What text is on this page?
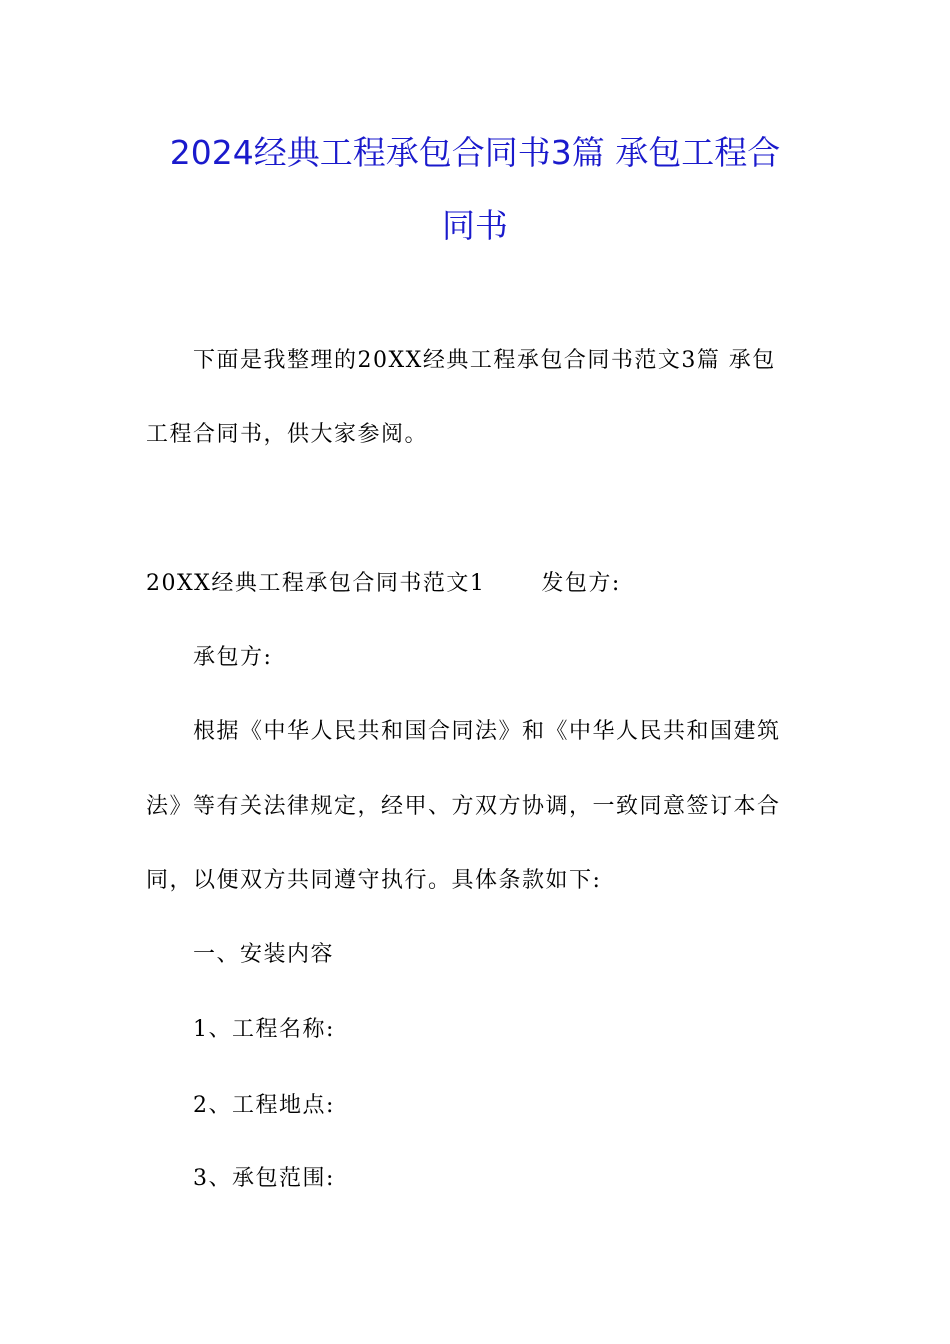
2024经典工程承包合同书3篇 承包工程合
同书
下面是我整理的20XX经典工程承包合同书范文3篇 承包
工程合同书，供大家参阅。
20XX经典工程承包合同书范文1	发包方:
承包方:
根据《中华人民共和国合同法》和《中华人民共和国建筑
法》等有关法律规定，经甲、方双方协调，一致同意签订本合
同，以便双方共同遵守执行。具体条款如下:
一、安装内容
1、工程名称:
2、工程地点:
3、承包范围:
